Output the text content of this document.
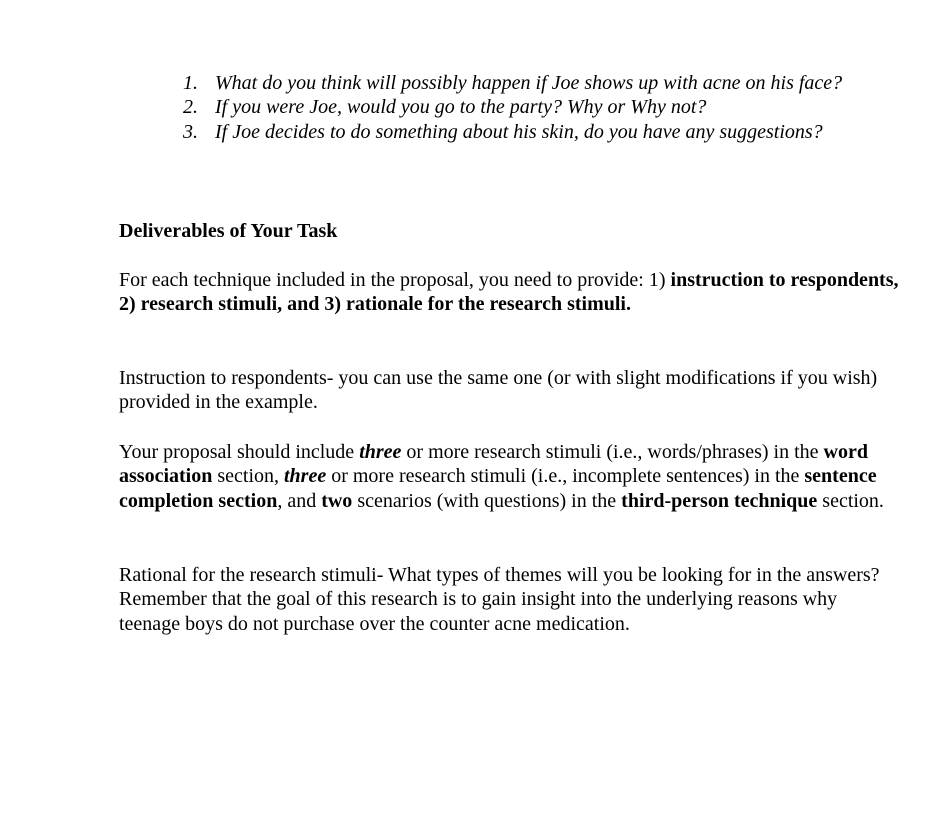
1. What do you think will possibly happen if Joe shows up with acne on his face?
2. If you were Joe, would you go to the party? Why or Why not?
3. If Joe decides to do something about his skin, do you have any suggestions?

Deliverables of Your Task

For each technique included in the proposal, you need to provide: 1) instruction to respondents, 2) research stimuli, and 3) rationale for the research stimuli.

Instruction to respondents- you can use the same one (or with slight modifications if you wish) provided in the example.

Your proposal should include three or more research stimuli (i.e., words/phrases) in the word association section, three or more research stimuli (i.e., incomplete sentences) in the sentence completion section, and two scenarios (with questions) in the third-person technique section.

Rational for the research stimuli- What types of themes will you be looking for in the answers? Remember that the goal of this research is to gain insight into the underlying reasons why teenage boys do not purchase over the counter acne medication.
